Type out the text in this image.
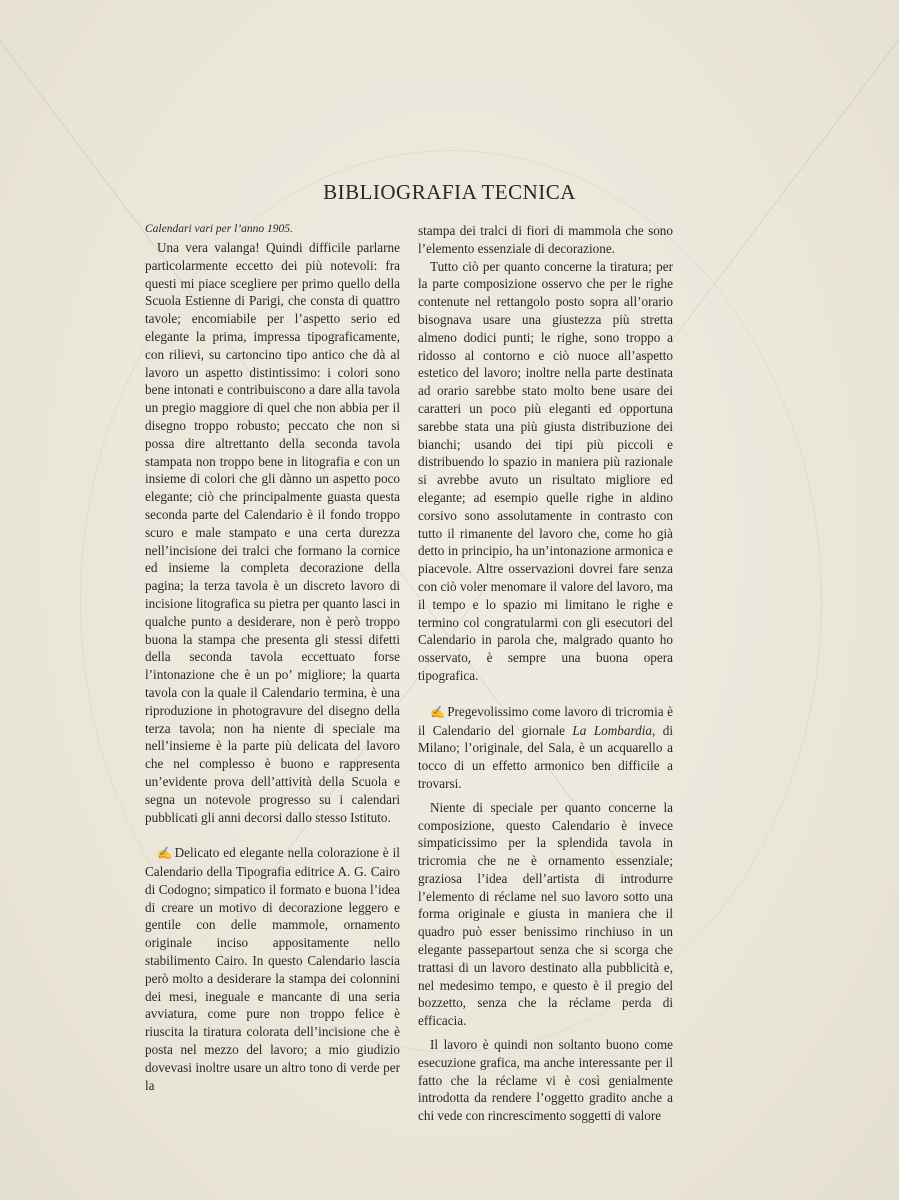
BIBLIOGRAFIA TECNICA

Calendari vari per l’anno 1905.

Una vera valanga! Quindi difficile parlarne particolarmente eccetto dei più notevoli: fra questi mi piace scegliere per primo quello della Scuola Estienne di Parigi, che consta di quattro tavole; encomiabile per l’aspetto serio ed elegante la prima, impressa tipograficamente, con rilievi, su cartoncino tipo antico che dà al lavoro un aspetto distintissimo: i colori sono bene intonati e contribuiscono a dare alla tavola un pregio maggiore di quel che non abbia per il disegno troppo robusto; peccato che non si possa dire altrettanto della seconda tavola stampata non troppo bene in litografia e con un insieme di colori che gli dànno un aspetto poco elegante; ciò che principalmente guasta questa seconda parte del Calendario è il fondo troppo scuro e male stampato e una certa durezza nell’incisione dei tralci che formano la cornice ed insieme la completa decorazione della pagina; la terza tavola è un discreto lavoro di incisione litografica su pietra per quanto lasci in qualche punto a desiderare, non è però troppo buona la stampa che presenta gli stessi difetti della seconda tavola eccettuato forse l’intonazione che è un po’ migliore; la quarta tavola con la quale il Calendario termina, è una riproduzione in photogravure del disegno della terza tavola; non ha niente di speciale ma nell’insieme è la parte più delicata del lavoro che nel complesso è buono e rappresenta un’evidente prova dell’attività della Scuola e segna un notevole progresso su i calendari pubblicati gli anni decorsi dallo stesso Istituto.

✍ Delicato ed elegante nella colorazione è il Calendario della Tipografia editrice A. G. Cairo di Codogno; simpatico il formato e buona l’idea di creare un motivo di decorazione leggero e gentile con delle mammole, ornamento originale inciso appositamente nello stabilimento Cairo. In questo Calendario lascia però molto a desiderare la stampa dei colonnini dei mesi, ineguale e mancante di una seria avviatura, come pure non troppo felice è riuscita la tiratura colorata dell’incisione che è posta nel mezzo del lavoro; a mio giudizio dovevasi inoltre usare un altro tono di verde per la

stampa dei tralci di fiori di mammola che sono l’elemento essenziale di decorazione.

Tutto ciò per quanto concerne la tiratura; per la parte composizione osservo che per le righe contenute nel rettangolo posto sopra all’orario bisognava usare una giustezza più stretta almeno dodici punti; le righe, sono troppo a ridosso al contorno e ciò nuoce all’aspetto estetico del lavoro; inoltre nella parte destinata ad orario sarebbe stato molto bene usare dei caratteri un poco più eleganti ed opportuna sarebbe stata una più giusta distribuzione dei bianchi; usando dei tipi più piccoli e distribuendo lo spazio in maniera più razionale si avrebbe avuto un risultato migliore ed elegante; ad esempio quelle righe in aldino corsivo sono assolutamente in contrasto con tutto il rimanente del lavoro che, come ho già detto in principio, ha un’intonazione armonica e piacevole. Altre osservazioni dovrei fare senza con ciò voler menomare il valore del lavoro, ma il tempo e lo spazio mi limitano le righe e termino col congratularmi con gli esecutori del Calendario in parola che, malgrado quanto ho osservato, è sempre una buona opera tipografica.

✍ Pregevolissimo come lavoro di tricromia è il Calendario del giornale La Lombardia, di Milano; l’originale, del Sala, è un acquarello a tocco di un effetto armonico ben difficile a trovarsi.

Niente di speciale per quanto concerne la composizione, questo Calendario è invece simpaticissimo per la splendida tavola in tricromia che ne è ornamento essenziale; graziosa l’idea dell’artista di introdurre l’elemento di réclame nel suo lavoro sotto una forma originale e giusta in maniera che il quadro può esser benissimo rinchiuso in un elegante passepartout senza che si scorga che trattasi di un lavoro destinato alla pubblicità e, nel medesimo tempo, e questo è il pregio del bozzetto, senza che la réclame perda di efficacia.

Il lavoro è quindi non soltanto buono come esecuzione grafica, ma anche interessante per il fatto che la réclame vi è così genialmente introdotta da rendere l’oggetto gradito anche a chi vede con rincrescimento soggetti di valore
